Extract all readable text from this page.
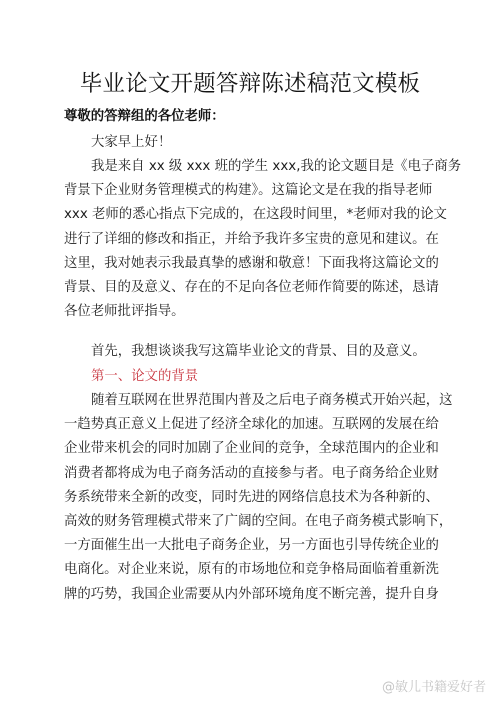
毕业论文开题答辩陈述稿范文模板
尊敬的答辩组的各位老师：
大家早上好！
我是来自 xx 级 xxx 班的学生 xxx,我的论文题目是《电子商务
背景下企业财务管理模式的构建》。这篇论文是在我的指导老师
xxx 老师的悉心指点下完成的，在这段时间里，*老师对我的论文
进行了详细的修改和指正，并给予我许多宝贵的意见和建议。在
这里，我对她表示我最真挚的感谢和敬意！下面我将这篇论文的
背景、目的及意义、存在的不足向各位老师作简要的陈述，恳请
各位老师批评指导。
首先，我想谈谈我写这篇毕业论文的背景、目的及意义。
第一、论文的背景
随着互联网在世界范围内普及之后电子商务模式开始兴起，这
一趋势真正意义上促进了经济全球化的加速。互联网的发展在给
企业带来机会的同时加剧了企业间的竞争，全球范围内的企业和
消费者都将成为电子商务活动的直接参与者。电子商务给企业财
务系统带来全新的改变，同时先进的网络信息技术为各种新的、
高效的财务管理模式带来了广阔的空间。在电子商务模式影响下，
一方面催生出一大批电子商务企业，另一方面也引导传统企业的
电商化。对企业来说，原有的市场地位和竞争格局面临着重新洗
牌的巧势，我国企业需要从内外部环境角度不断完善，提升自身
@敏儿书籍爱好者
